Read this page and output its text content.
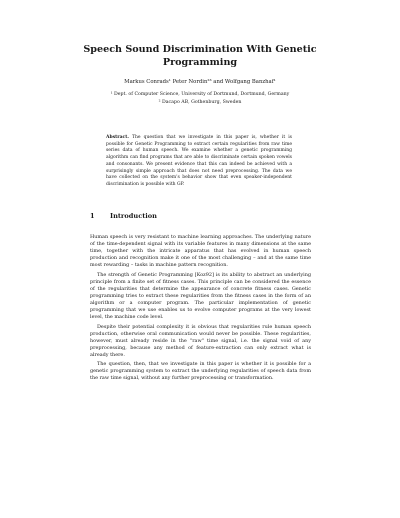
Speech Sound Discrimination With Genetic
Programming

Markus Conrads¹ Peter Nordin²³ and Wolfgang Banzhaf¹

¹ Dept. of Computer Science, University of Dortmund, Dortmund, Germany
² Dacapo AB, Gothenburg, Sweden

Abstract. The question that we investigate in this paper is, whether it is possible for Genetic Programming to extract certain regularities from raw time series data of human speech. We examine whether a genetic programming algorithm can find programs that are able to discriminate certain spoken vowels and consonants. We present evidence that this can indeed be achieved with a surprisingly simple approach that does not need preprocessing. The data we have collected on the system's behavior show that even speaker-independent discrimination is possible with GP.

1 Introduction

Human speech is very resistant to machine learning approaches. The underlying nature of the time-dependent signal with its variable features in many dimensions at the same time, together with the intricate apparatus that has evolved in human speech production and recognition make it one of the most challenging – and at the same time most rewarding – tasks in machine pattern recognition.

The strength of Genetic Programming [Koz92] is its ability to abstract an underlying principle from a finite set of fitness cases. This principle can be considered the essence of the regularities that determine the appearance of concrete fitness cases. Genetic programming tries to extract these regularities from the fitness cases in the form of an algorithm or a computer program. The particular implementation of genetic programming that we use enables us to evolve computer programs at the very lowest level, the machine code level.

Despite their potential complexity it is obvious that regularities rule human speech production, otherwise oral communication would never be possible. These regularities, however, must already reside in the "raw" time signal, i.e. the signal void of any preprocessing, because any method of feature-extraction can only extract what is already there.

The question, then, that we investigate in this paper is whether it is possible for a genetic programming system to extract the underlying regularities of speech data from the raw time signal, without any further preprocessing or transformation.
